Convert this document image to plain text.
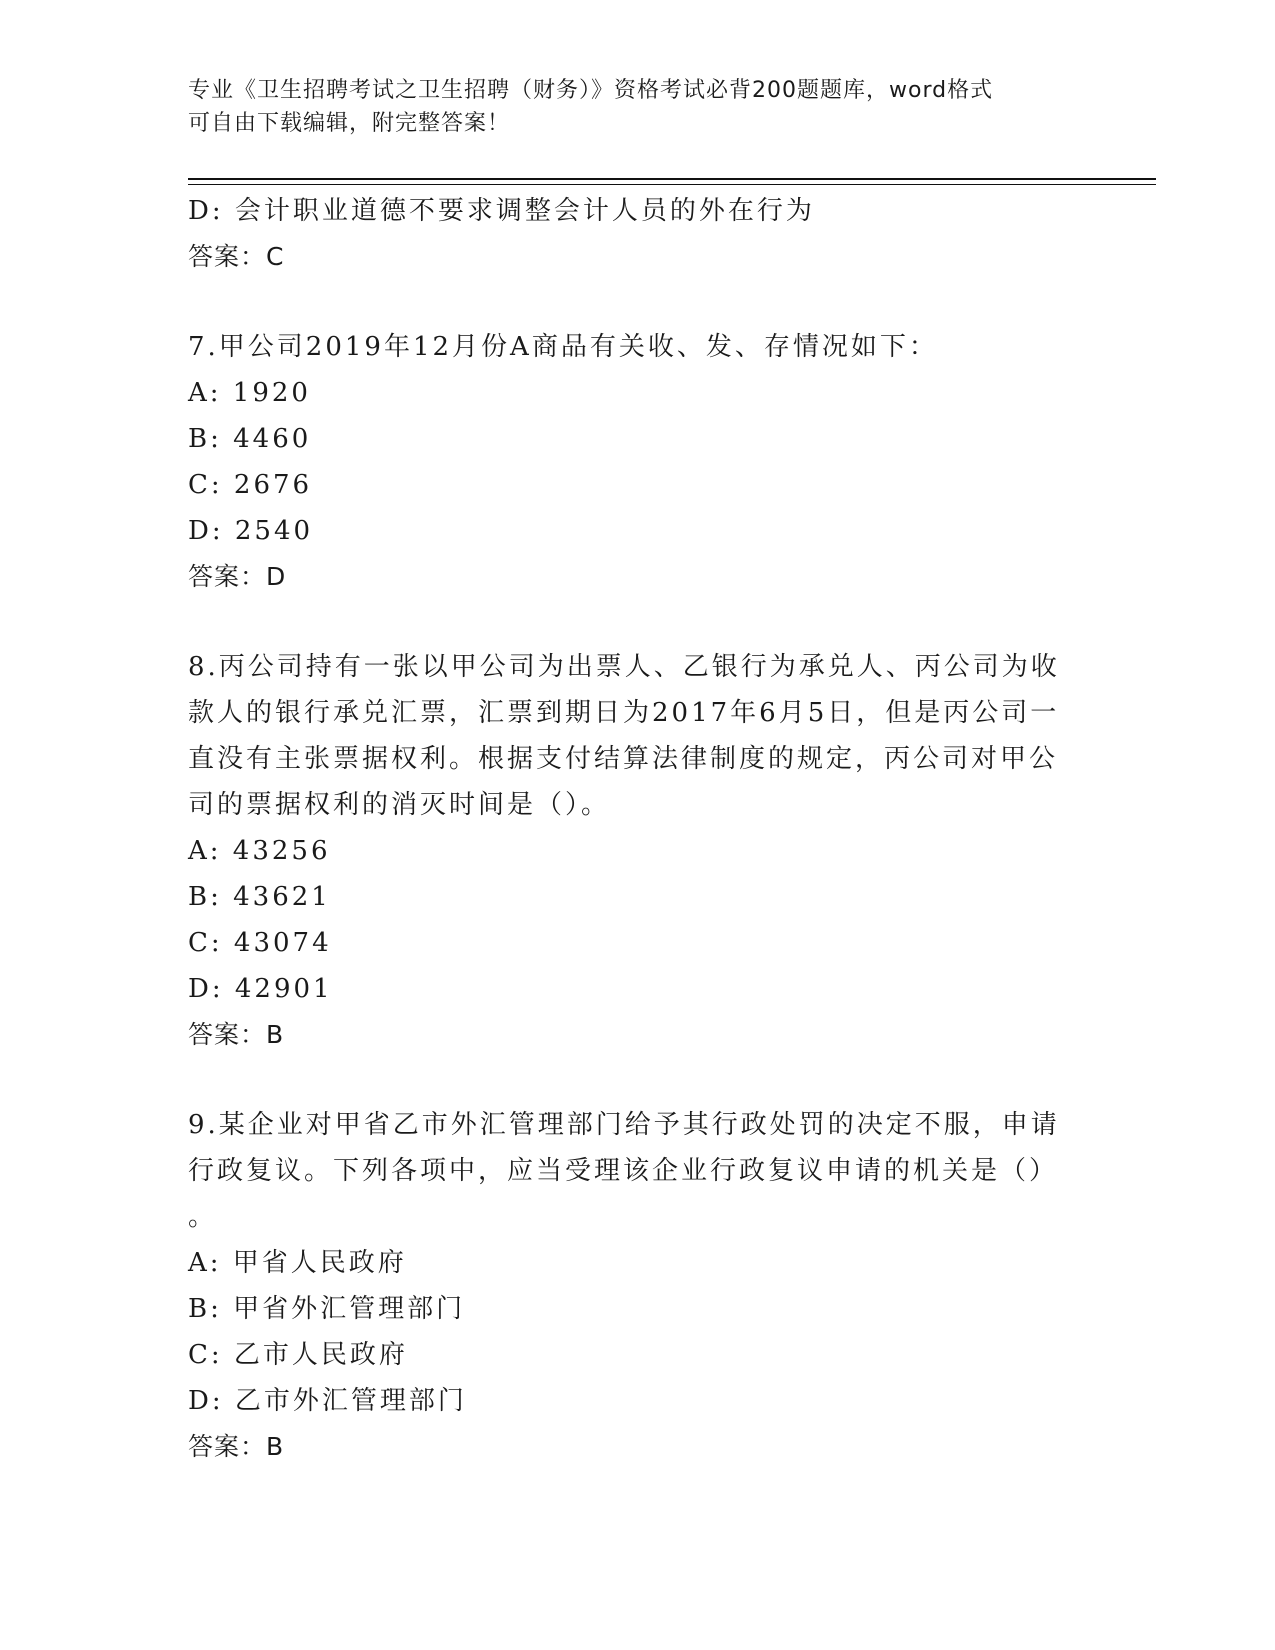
专业《卫生招聘考试之卫生招聘（财务）》资格考试必背200题题库，word格式
可自由下载编辑，附完整答案！
D: 会计职业道德不要求调整会计人员的外在行为
答案：C
7.甲公司2019年12月份A商品有关收、发、存情况如下：
A: 1920
B: 4460
C: 2676
D: 2540
答案：D
8.丙公司持有一张以甲公司为出票人、乙银行为承兑人、丙公司为收
款人的银行承兑汇票，汇票到期日为2017年6月5日，但是丙公司一
直没有主张票据权利。根据支付结算法律制度的规定，丙公司对甲公
司的票据权利的消灭时间是（）。
A: 43256
B: 43621
C: 43074
D: 42901
答案：B
9.某企业对甲省乙市外汇管理部门给予其行政处罚的决定不服，申请
行政复议。下列各项中，应当受理该企业行政复议申请的机关是（）
。
A: 甲省人民政府
B: 甲省外汇管理部门
C: 乙市人民政府
D: 乙市外汇管理部门
答案：B
